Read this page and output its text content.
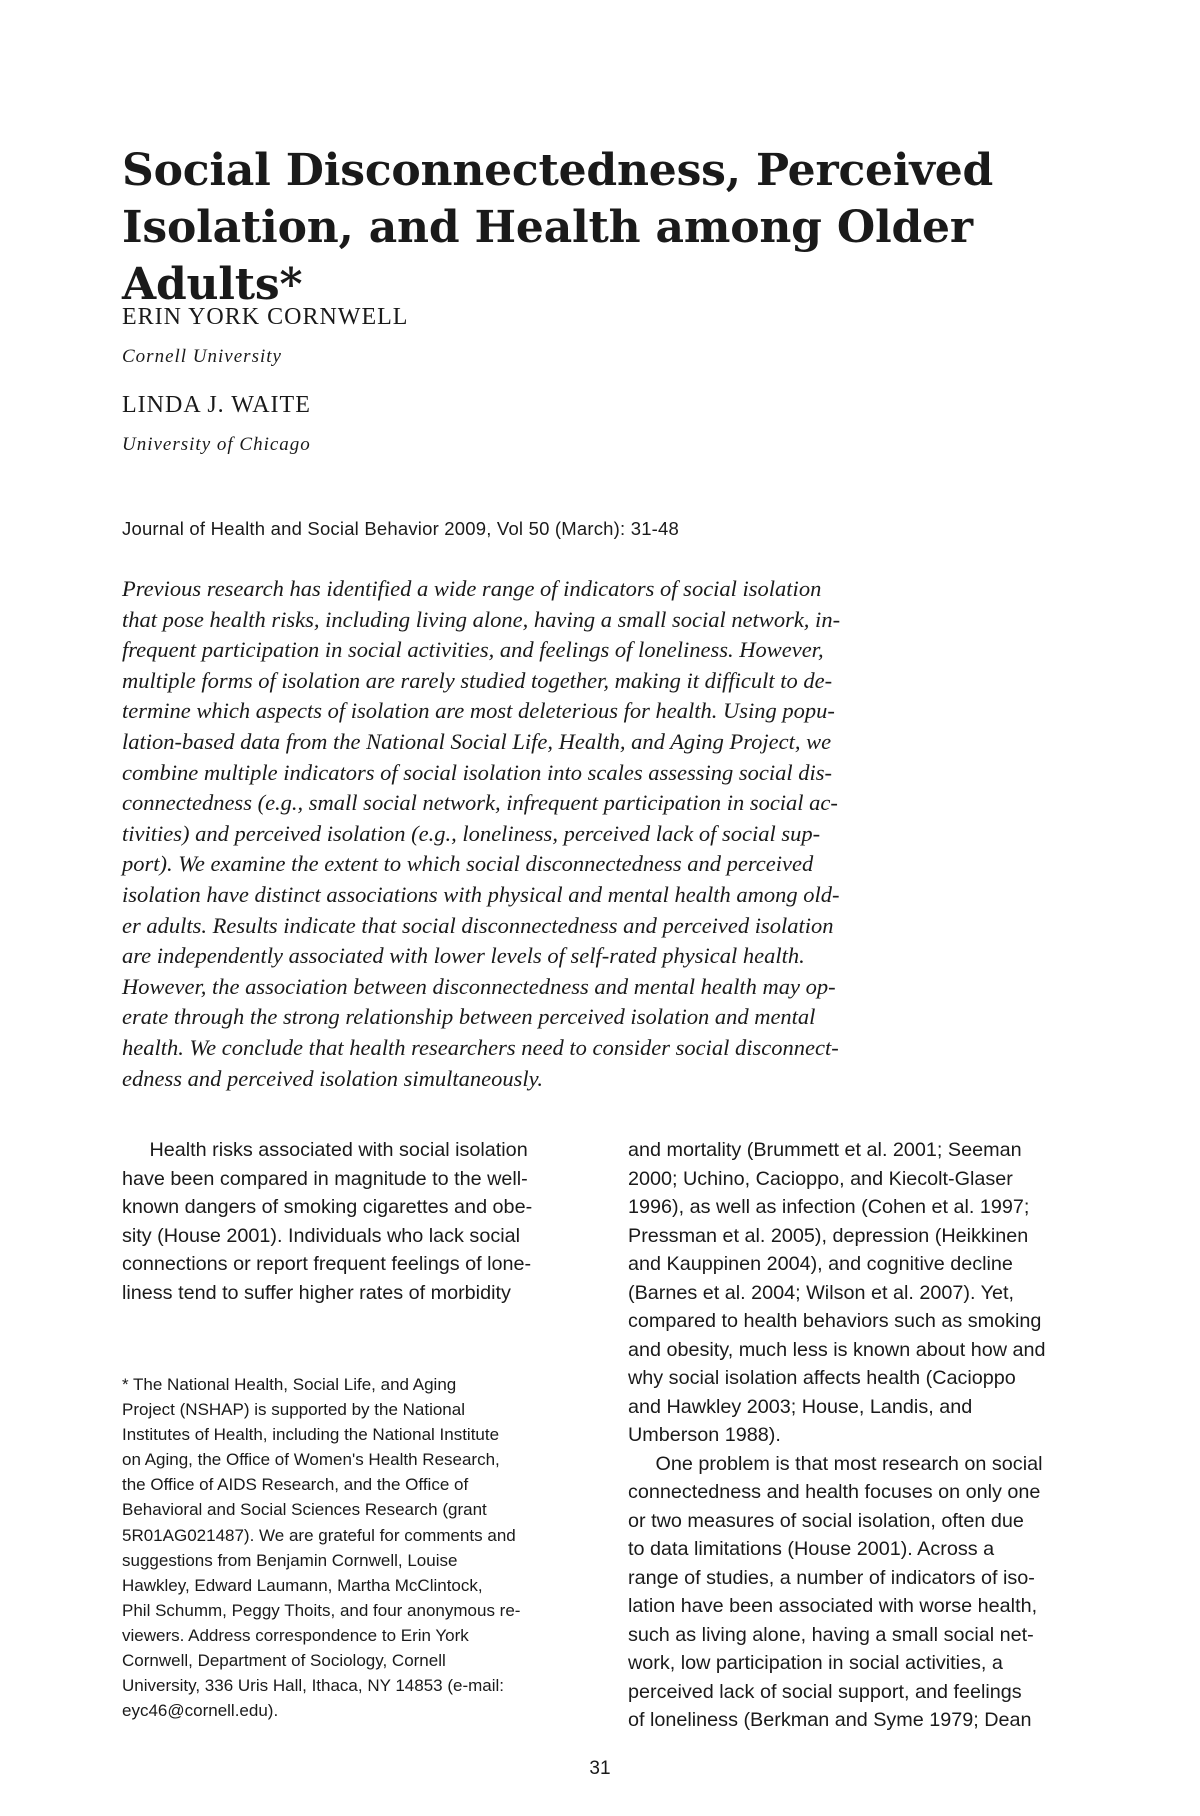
Social Disconnectedness, Perceived
Isolation, and Health among Older Adults*
ERIN YORK CORNWELL
Cornell University
LINDA J. WAITE
University of Chicago
Journal of Health and Social Behavior 2009, Vol 50 (March): 31-48
Previous research has identified a wide range of indicators of social isolation
that pose health risks, including living alone, having a small social network, in-
frequent participation in social activities, and feelings of loneliness. However,
multiple forms of isolation are rarely studied together, making it difficult to de-
termine which aspects of isolation are most deleterious for health. Using popu-
lation-based data from the National Social Life, Health, and Aging Project, we
combine multiple indicators of social isolation into scales assessing social dis-
connectedness (e.g., small social network, infrequent participation in social ac-
tivities) and perceived isolation (e.g., loneliness, perceived lack of social sup-
port). We examine the extent to which social disconnectedness and perceived
isolation have distinct associations with physical and mental health among old-
er adults. Results indicate that social disconnectedness and perceived isolation
are independently associated with lower levels of self-rated physical health.
However, the association between disconnectedness and mental health may op-
erate through the strong relationship between perceived isolation and mental
health. We conclude that health researchers need to consider social disconnect-
edness and perceived isolation simultaneously.
Health risks associated with social isolation
have been compared in magnitude to the well-
known dangers of smoking cigarettes and obe-
sity (House 2001). Individuals who lack social
connections or report frequent feelings of lone-
liness tend to suffer higher rates of morbidity
* The National Health, Social Life, and Aging
Project (NSHAP) is supported by the National
Institutes of Health, including the National Institute
on Aging, the Office of Women's Health Research,
the Office of AIDS Research, and the Office of
Behavioral and Social Sciences Research (grant
5R01AG021487). We are grateful for comments and
suggestions from Benjamin Cornwell, Louise
Hawkley, Edward Laumann, Martha McClintock,
Phil Schumm, Peggy Thoits, and four anonymous re-
viewers. Address correspondence to Erin York
Cornwell, Department of Sociology, Cornell
University, 336 Uris Hall, Ithaca, NY 14853 (e-mail:
eyc46@cornell.edu).
and mortality (Brummett et al. 2001; Seeman
2000; Uchino, Cacioppo, and Kiecolt-Glaser
1996), as well as infection (Cohen et al. 1997;
Pressman et al. 2005), depression (Heikkinen
and Kauppinen 2004), and cognitive decline
(Barnes et al. 2004; Wilson et al. 2007). Yet,
compared to health behaviors such as smoking
and obesity, much less is known about how and
why social isolation affects health (Cacioppo
and Hawkley 2003; House, Landis, and
Umberson 1988).
One problem is that most research on social
connectedness and health focuses on only one
or two measures of social isolation, often due
to data limitations (House 2001). Across a
range of studies, a number of indicators of iso-
lation have been associated with worse health,
such as living alone, having a small social net-
work, low participation in social activities, a
perceived lack of social support, and feelings
of loneliness (Berkman and Syme 1979; Dean
31
